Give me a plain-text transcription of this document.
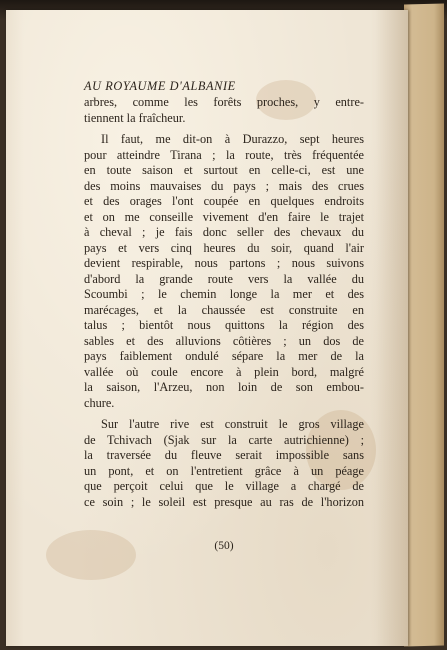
AU ROYAUME D'ALBANIE
arbres, comme les forêts proches, y entre-
tiennent la fraîcheur.
Il faut, me dit-on à Durazzo, sept heures
pour atteindre Tirana ; la route, très fréquentée
en toute saison et surtout en celle-ci, est une
des moins mauvaises du pays ; mais des crues
et des orages l'ont coupée en quelques endroits
et on me conseille vivement d'en faire le trajet
à cheval ; je fais donc seller des chevaux du
pays et vers cinq heures du soir, quand l'air
devient respirable, nous partons ; nous suivons
d'abord la grande route vers la vallée du
Scoumbi ; le chemin longe la mer et des
marécages, et la chaussée est construite en
talus ; bientôt nous quittons la région des
sables et des alluvions côtières ; un dos de
pays faiblement ondulé sépare la mer de la
vallée où coule encore à plein bord, malgré
la saison, l'Arzeu, non loin de son embou-
chure.
Sur l'autre rive est construit le gros village
de Tchivach (Sjak sur la carte autrichienne) ;
la traversée du fleuve serait impossible sans
un pont, et on l'entretient grâce à un péage
que perçoit celui que le village a chargé de
ce soin ; le soleil est presque au ras de l'horizon
(50)
